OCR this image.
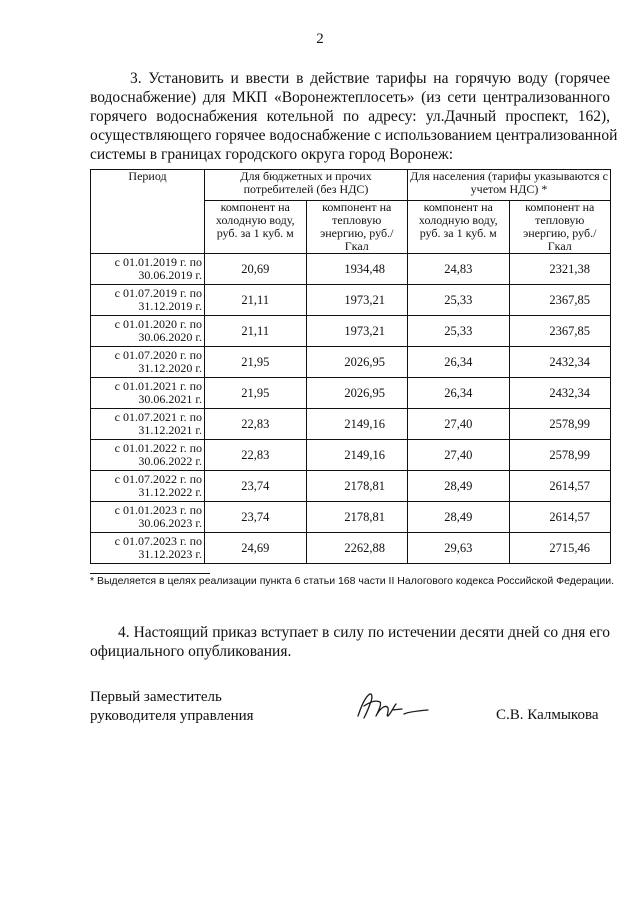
2
3. Установить и ввести в действие тарифы на горячую воду (горячее
водоснабжение) для МКП «Воронежтеплосеть» (из сети централизованного
горячего водоснабжения котельной по адресу: ул.Дачный проспект, 162),
осуществляющего горячее водоснабжение с использованием централизованной
системы в границах городского округа город Воронеж:
Период	Для бюджетных и прочих потребителей (без НДС)		Для населения (тарифы указываются с учетом НДС) *	
	компонент на холодную воду, руб. за 1 куб. м	компонент на тепловую энергию, руб./Гкал	компонент на холодную воду, руб. за 1 куб. м	компонент на тепловую энергию, руб./Гкал

с 01.01.2019 г. по
30.06.2019 г.	20,69	1934,48	24,83	2321,38

с 01.07.2019 г. по
31.12.2019 г.	21,11	1973,21	25,33	2367,85

с 01.01.2020 г. по
30.06.2020 г.	21,11	1973,21	25,33	2367,85

с 01.07.2020 г. по
31.12.2020 г.	21,95	2026,95	26,34	2432,34

с 01.01.2021 г. по
30.06.2021 г.	21,95	2026,95	26,34	2432,34

с 01.07.2021 г. по
31.12.2021 г.	22,83	2149,16	27,40	2578,99

с 01.01.2022 г. по
30.06.2022 г.	22,83	2149,16	27,40	2578,99

с 01.07.2022 г. по
31.12.2022 г.	23,74	2178,81	28,49	2614,57

с 01.01.2023 г. по
30.06.2023 г.	23,74	2178,81	28,49	2614,57

с 01.07.2023 г. по
31.12.2023 г.	24,69	2262,88	29,63	2715,46
* Выделяется в целях реализации пункта 6 статьи 168 части II Налогового кодекса Российской Федерации.
4. Настоящий приказ вступает в силу по истечении десяти дней со дня его
официального опубликования.
Первый заместитель
руководителя управления	С.В. Калмыкова
